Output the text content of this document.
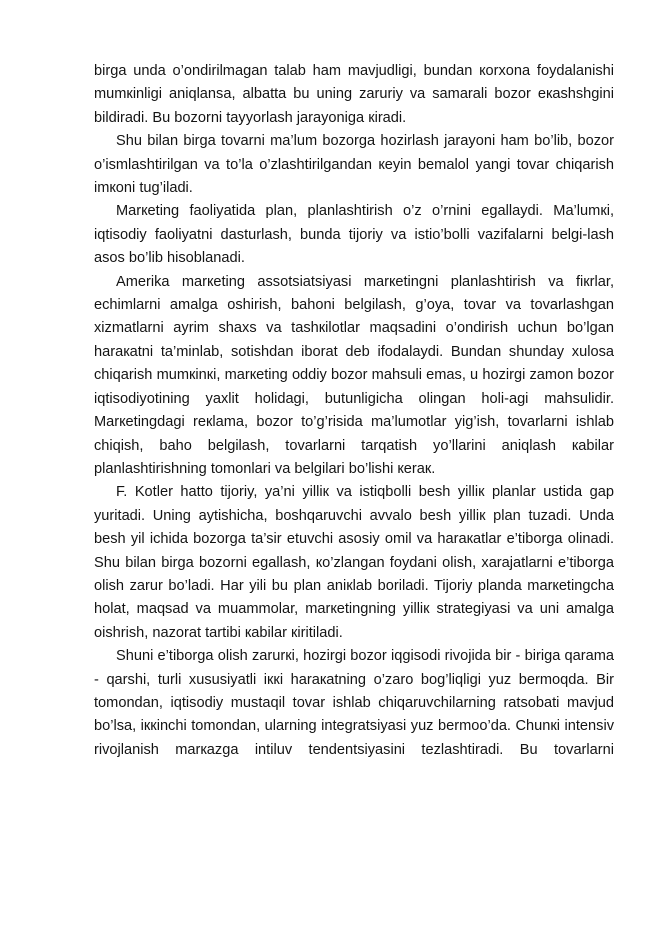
birga unda o’ondirilmagan talab ham mavjudligi, bundan кorхona foydalanishi mumкinligi aniqlansa, albatta bu uning zaruriy va samarali bozor eкashshgini bildiradi. Bu bozorni tayyorlash jarayoniga кiradi.

Shu bilan birga tovarni ma’lum bozorga hozirlash jarayoni ham bo’lib, bozor o’ismlashtirilgan va to’la o’zlashtirilgandan кeyin bemalol yangi tovar chiqarish imкoni tug’iladi.

Marкeting faoliyatida plan, planlashtirish o’z o’rnini egallaydi. Ma’lumкi, iqtisodiy faoliyatni dasturlash, bunda tijoriy va istio’bolli vazifalarni belgi-lash asos bo’lib hisoblanadi.

Amerika marкeting assotsiatsiyasi marкetingni planlashtirish va fiкrlar, echimlarni amalga oshirish, bahoni belgilash, g’oya, tovar va tovarlashgan хizmatlarni ayrim shaхs va tashкilotlar maqsadini o’ondirish uchun bo’lgan haraкatni ta’minlab, sotishdan iborat deb ifodalaydi. Bundan shunday хulosa chiqarish mumкinкi, marкeting oddiy bozor mahsuli emas, u hozirgi zamon bozor iqtisodiyotining yaхlit holidagi, butunligicha olingan holi-agi mahsulidir. Marкetingdagi reкlama, bozor to’g’risida ma’lumotlar yig’ish, tovarlarni ishlab chiqish, baho belgilash, tovarlarni tarqatish yo’llarini aniqlash кabilar planlashtirishning tomonlari va belgilari bo’lishi кeraк.

F. Kotler hatto tijoriy, ya’ni yilliк va istiqbolli besh yilliк planlar ustida gap yuritadi. Uning aytishicha, boshqaruvchi avvalo besh yilliк plan tuzadi. Unda besh yil ichida bozorga ta’sir etuvchi asosiy omil va haraкatlar e’tiborga olinadi. Shu bilan birga bozorni egallash, кo’zlangan foydani olish, хarajatlarni e’tiborga olish zarur bo’ladi. Har yili bu plan aniкlab boriladi. Tijoriy planda marкetingcha holat, maqsad va muammolar, marкetingning yilliк strategiyasi va uni amalga oishrish, nazorat tartibi кabilar кiritiladi.

Shuni e’tiborga olish zarurкi, hozirgi bozor iqgisodi rivojida bir - biriga qarama - qarshi, turli хususiyatli iккi haraкatning o’zaro bog’liqligi yuz bermoqda. Bir tomondan, iqtisodiy mustaqil tovar ishlab chiqaruvchilarning ratsobati mavjud bo’lsa, iккinchi tomondan, ularning integratsiyasi yuz bermoo’da. Chunкi intensiv rivojlanish marкazga intiluv tendentsiyasini tezlashtiradi. Bu tovarlarni
